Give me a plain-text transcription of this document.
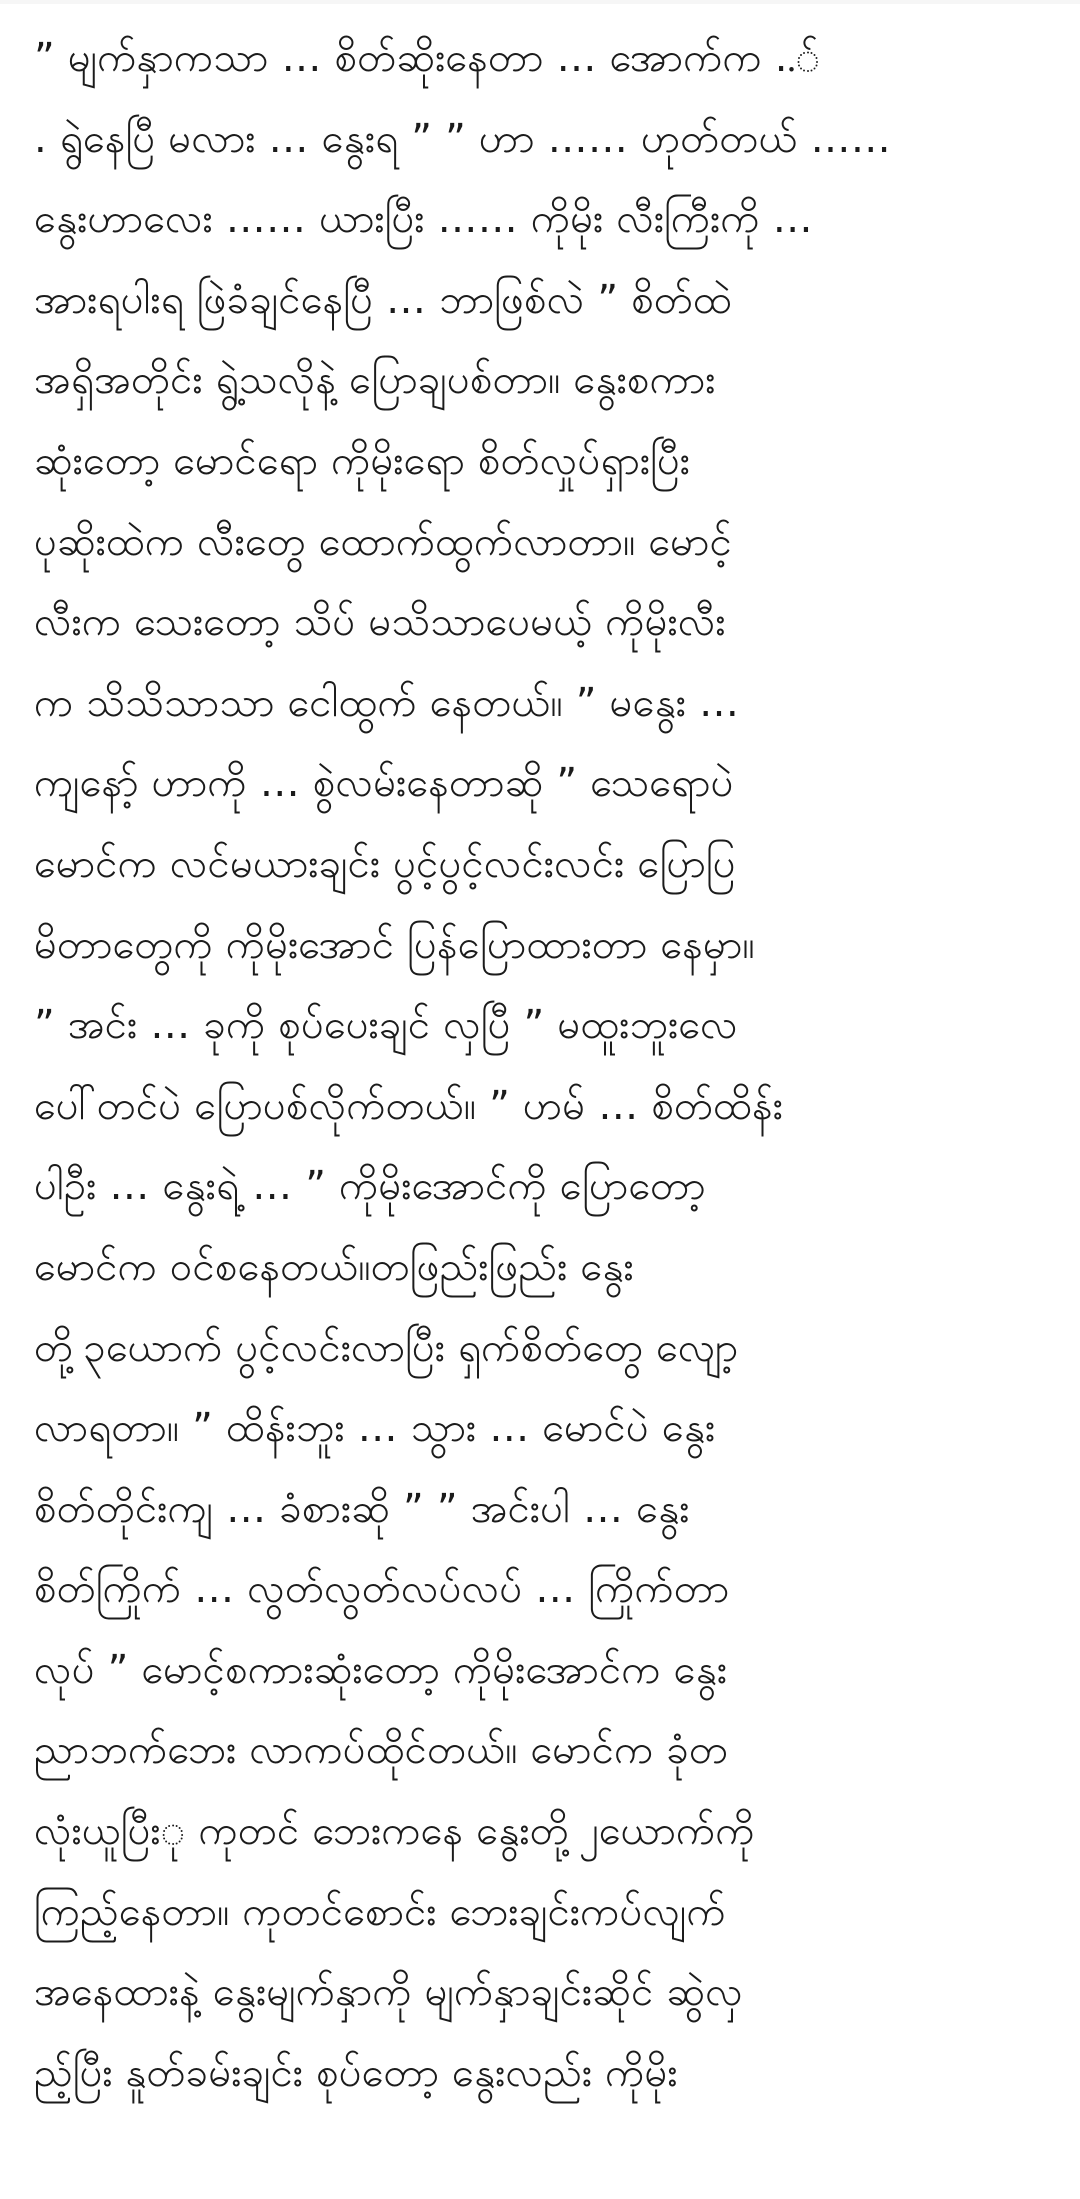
” မျက်နှာကသာ … စိတ်ဆိုးနေတာ … အောက်က ..်
. ရွဲနေပြီ မလား … နွေးရ ” ” ဟာ …… ဟုတ်တယ် ……
နွေးဟာလေး …… ယားပြီး …… ကိုမိုး လီးကြီးကို …
အားရပါးရ ဖြဲခံချင်နေပြီ … ဘာဖြစ်လဲ ” စိတ်ထဲ
အရှိအတိုင်း ရွဲ့သလိုနဲ့ ပြောချပစ်တာ။ နွေးစကား
ဆုံးတော့ မောင်ရော ကိုမိုးရော စိတ်လှုပ်ရှားပြီး
ပုဆိုးထဲက လီးတွေ ထောက်ထွက်လာတာ။ မောင့်
လီးက သေးတော့ သိပ် မသိသာပေမယ့် ကိုမိုးလီး
က သိသိသာသာ ငေါထွက် နေတယ်။ ” မနွေး …
ကျနော့် ဟာကို … စွဲလမ်းနေတာဆို ” သေရောပဲ
မောင်က လင်မယားချင်း ပွင့်ပွင့်လင်းလင်း ပြောပြ
မိတာတွေကို ကိုမိုးအောင် ပြန်ပြောထားတာ နေမှာ။
” အင်း … ခုကို စုပ်ပေးချင် လှပြီ ” မထူးဘူးလေ
ပေါ်တင်ပဲ ပြောပစ်လိုက်တယ်။ ” ဟမ် … စိတ်ထိန်း
ပါဦး … နွေးရဲ့ … ” ကိုမိုးအောင်ကို ပြောတော့
မောင်က ဝင်စနေတယ်။တဖြည်းဖြည်း နွေး
တို့၃ယောက် ပွင့်လင်းလာပြီး ရှက်စိတ်တွေ လျော့
လာရတာ။ ” ထိန်းဘူး … သွား … မောင်ပဲ နွေး
စိတ်တိုင်းကျ … ခံစားဆို ” ” အင်းပါ … နွေး
စိတ်ကြိုက် … လွတ်လွတ်လပ်လပ် … ကြိုက်တာ
လုပ် ” မောင့်စကားဆုံးတော့ ကိုမိုးအောင်က နွေး
ညာဘက်ဘေး လာကပ်ထိုင်တယ်။ မောင်က ခုံတ
လုံးယူပြီးု ကုတင် ဘေးကနေ နွေးတို့၂ယောက်ကို
ကြည့်နေတာ။ ကုတင်စောင်း ဘေးချင်းကပ်လျက်
အနေထားနဲ့ နွေးမျက်နှာကို မျက်နှာချင်းဆိုင် ဆွဲလှ
ည့်ပြီး နူတ်ခမ်းချင်း စုပ်တော့ နွေးလည်း ကိုမိုး
